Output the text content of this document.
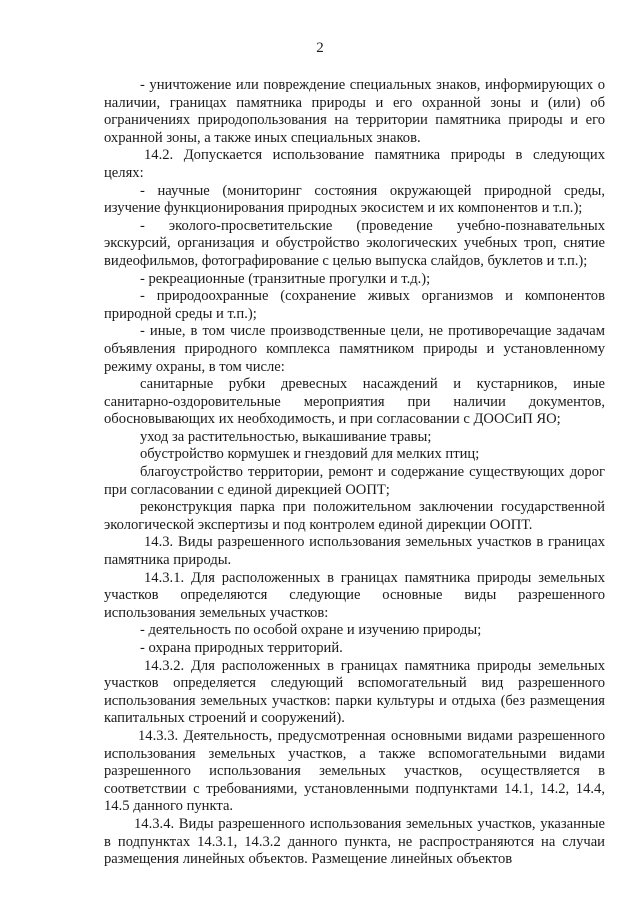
2

- уничтожение или повреждение специальных знаков, информирующих о наличии, границах памятника природы и его охранной зоны и (или) об ограничениях природопользования на территории памятника природы и его охранной зоны, а также иных специальных знаков.

14.2. Допускается использование памятника природы в следующих целях:

- научные (мониторинг состояния окружающей природной среды, изучение функционирования природных экосистем и их компонентов и т.п.);

- эколого-просветительские (проведение учебно-познавательных экскурсий, организация и обустройство экологических учебных троп, снятие видеофильмов, фотографирование с целью выпуска слайдов, буклетов и т.п.);

- рекреационные (транзитные прогулки и т.д.);

- природоохранные (сохранение живых организмов и компонентов природной среды и т.п.);

- иные, в том числе производственные цели, не противоречащие задачам объявления природного комплекса памятником природы и установленному режиму охраны, в том числе:

санитарные рубки древесных насаждений и кустарников, иные санитарно-оздоровительные мероприятия при наличии документов, обосновывающих их необходимость, и при согласовании с ДООСиП ЯО;

уход за растительностью, выкашивание травы;

обустройство кормушек и гнездовий для мелких птиц;

благоустройство территории, ремонт и содержание существующих дорог при согласовании с единой дирекцией ООПТ;

реконструкция парка при положительном заключении государственной экологической экспертизы и под контролем единой дирекции ООПТ.

14.3. Виды разрешенного использования земельных участков в границах памятника природы.

14.3.1. Для расположенных в границах памятника природы земельных участков определяются следующие основные виды разрешенного использования земельных участков:

- деятельность по особой охране и изучению природы;

- охрана природных территорий.

14.3.2. Для расположенных в границах памятника природы земельных участков определяется следующий вспомогательный вид разрешенного использования земельных участков: парки культуры и отдыха (без размещения капитальных строений и сооружений).

14.3.3. Деятельность, предусмотренная основными видами разрешенного использования земельных участков, а также вспомогательными видами разрешенного использования земельных участков, осуществляется в соответствии с требованиями, установленными подпунктами 14.1, 14.2, 14.4, 14.5 данного пункта.

14.3.4. Виды разрешенного использования земельных участков, указанные в подпунктах 14.3.1, 14.3.2 данного пункта, не распространяются на случаи размещения линейных объектов. Размещение линейных объектов
